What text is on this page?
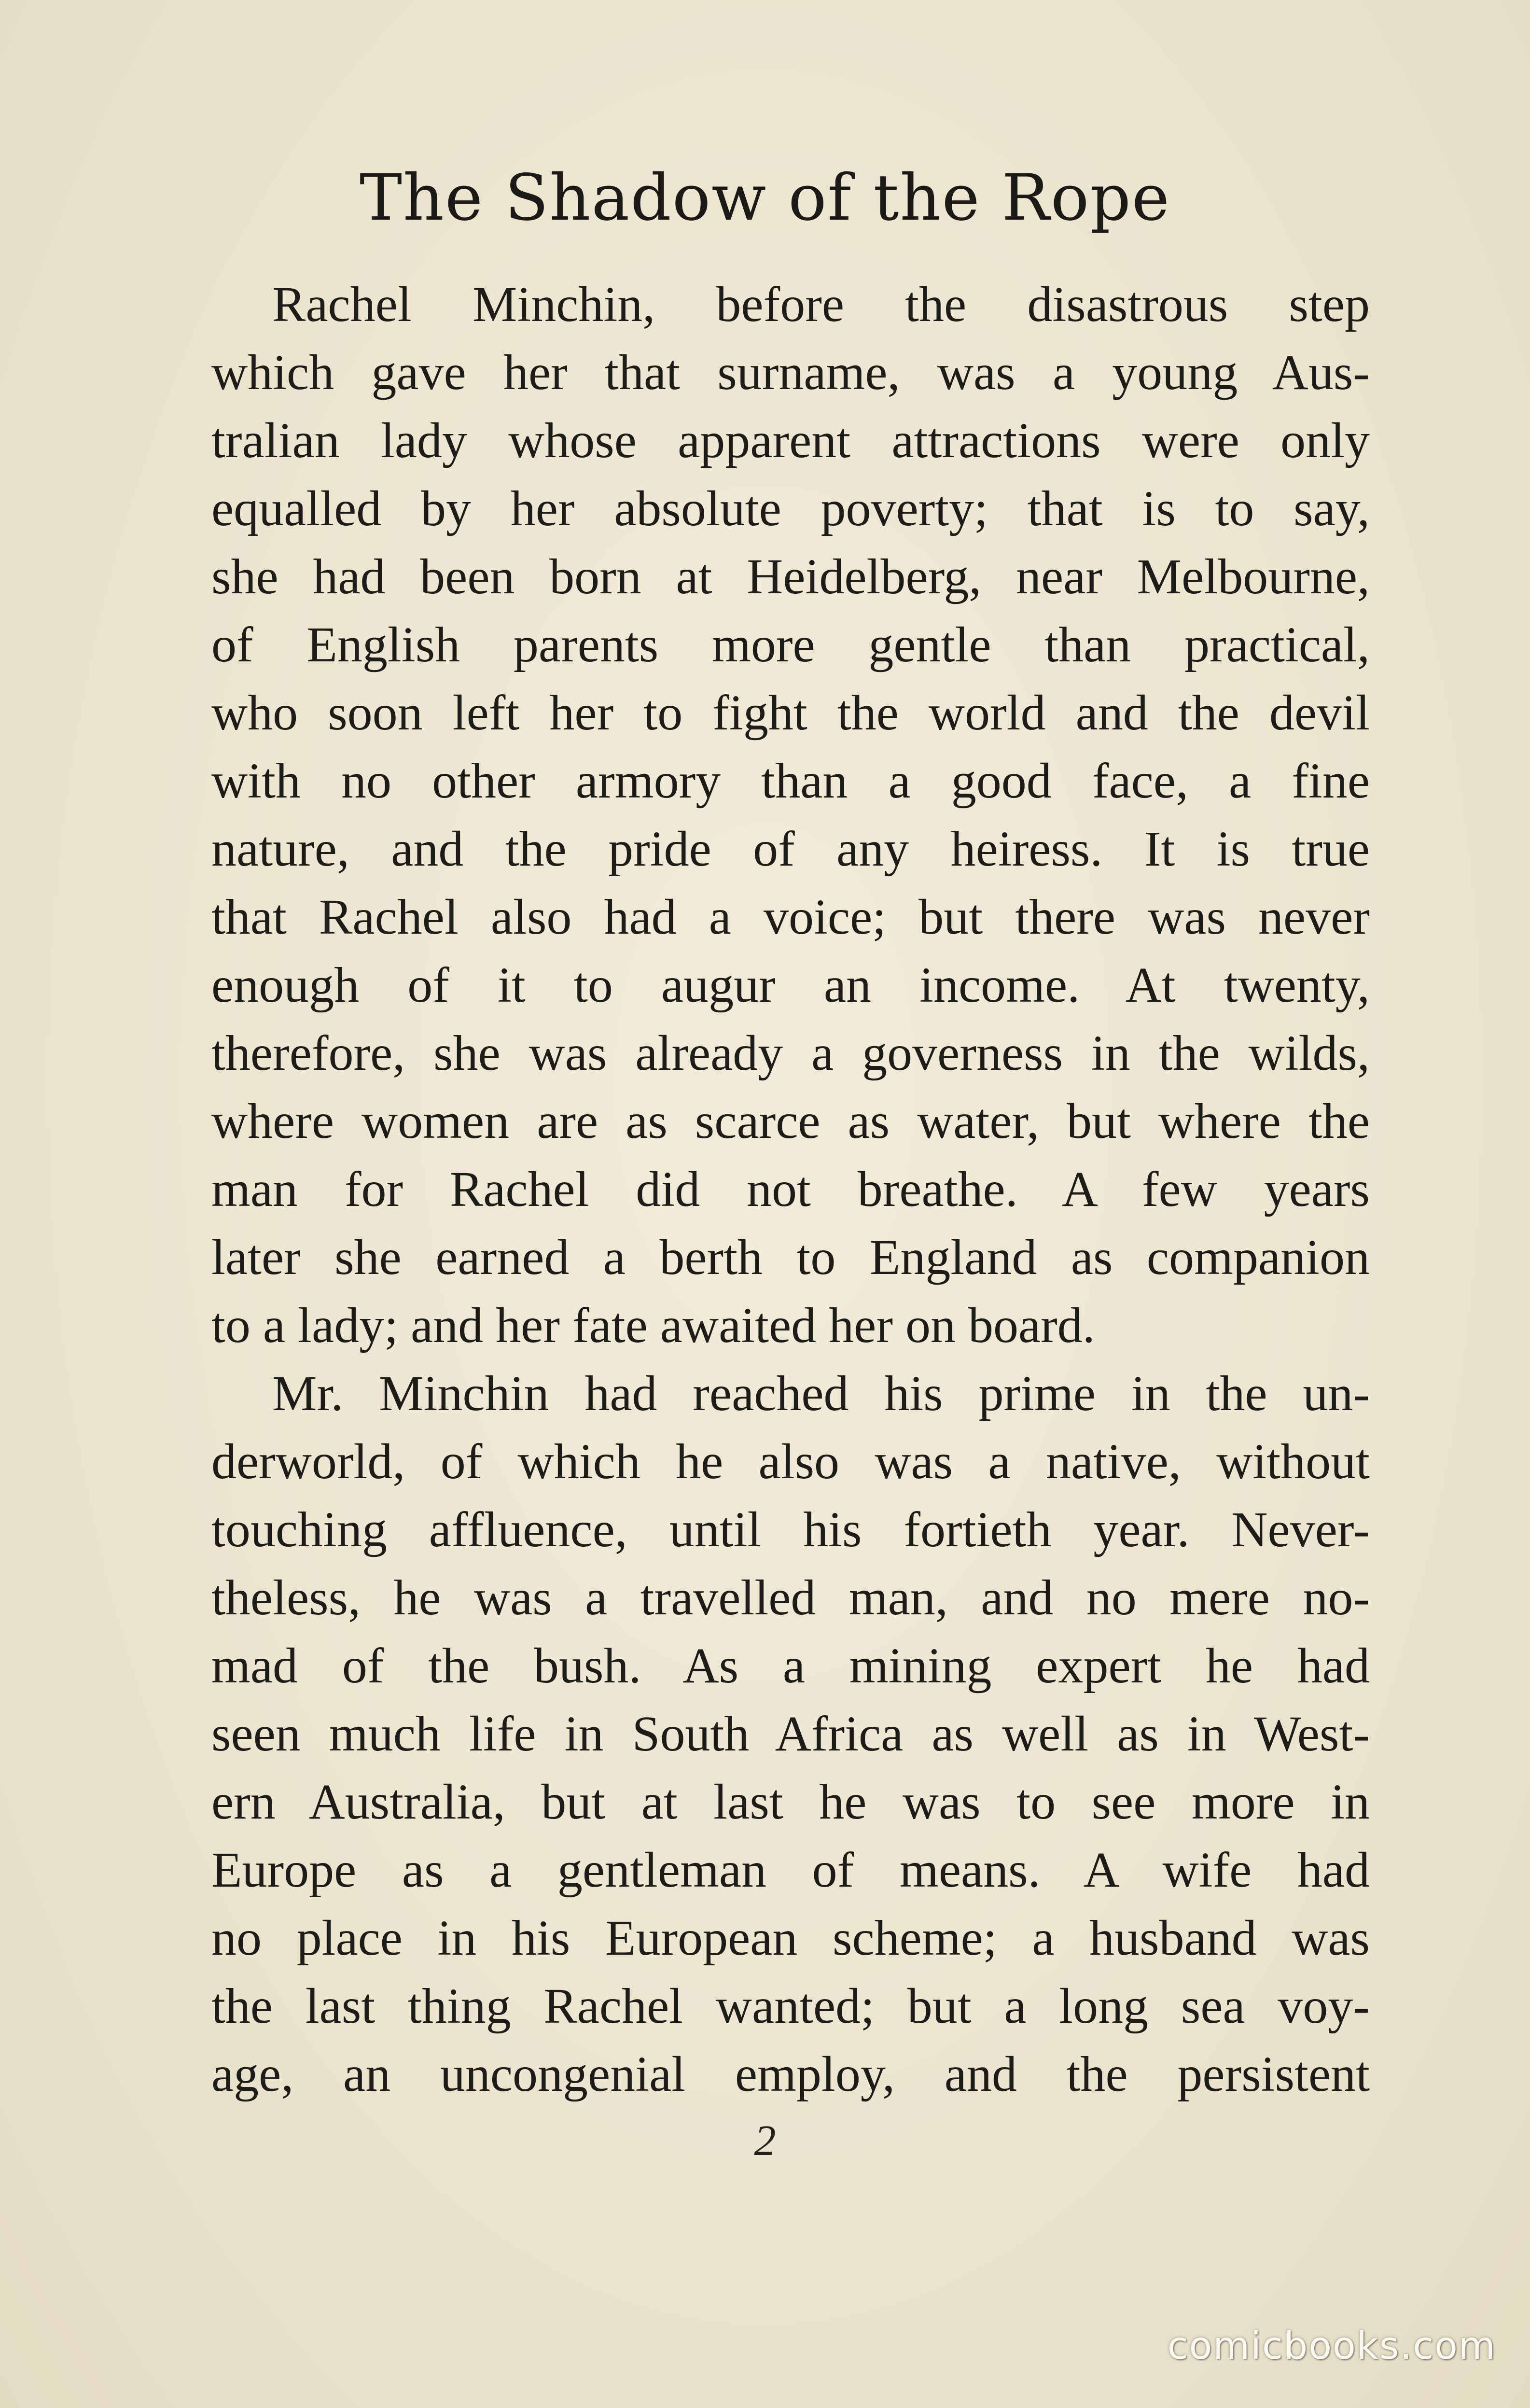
The Shadow of the Rope
Rachel Minchin, before the disastrous step
which gave her that surname, was a young Aus-
tralian lady whose apparent attractions were only
equalled by her absolute poverty; that is to say,
she had been born at Heidelberg, near Melbourne,
of English parents more gentle than practical,
who soon left her to fight the world and the devil
with no other armory than a good face, a fine
nature, and the pride of any heiress. It is true
that Rachel also had a voice; but there was never
enough of it to augur an income. At twenty,
therefore, she was already a governess in the wilds,
where women are as scarce as water, but where the
man for Rachel did not breathe. A few years
later she earned a berth to England as companion
to a lady; and her fate awaited her on board.
Mr. Minchin had reached his prime in the un-
derworld, of which he also was a native, without
touching affluence, until his fortieth year. Never-
theless, he was a travelled man, and no mere no-
mad of the bush. As a mining expert he had
seen much life in South Africa as well as in West-
ern Australia, but at last he was to see more in
Europe as a gentleman of means. A wife had
no place in his European scheme; a husband was
the last thing Rachel wanted; but a long sea voy-
age, an uncongenial employ, and the persistent
2
comicbooks.com
